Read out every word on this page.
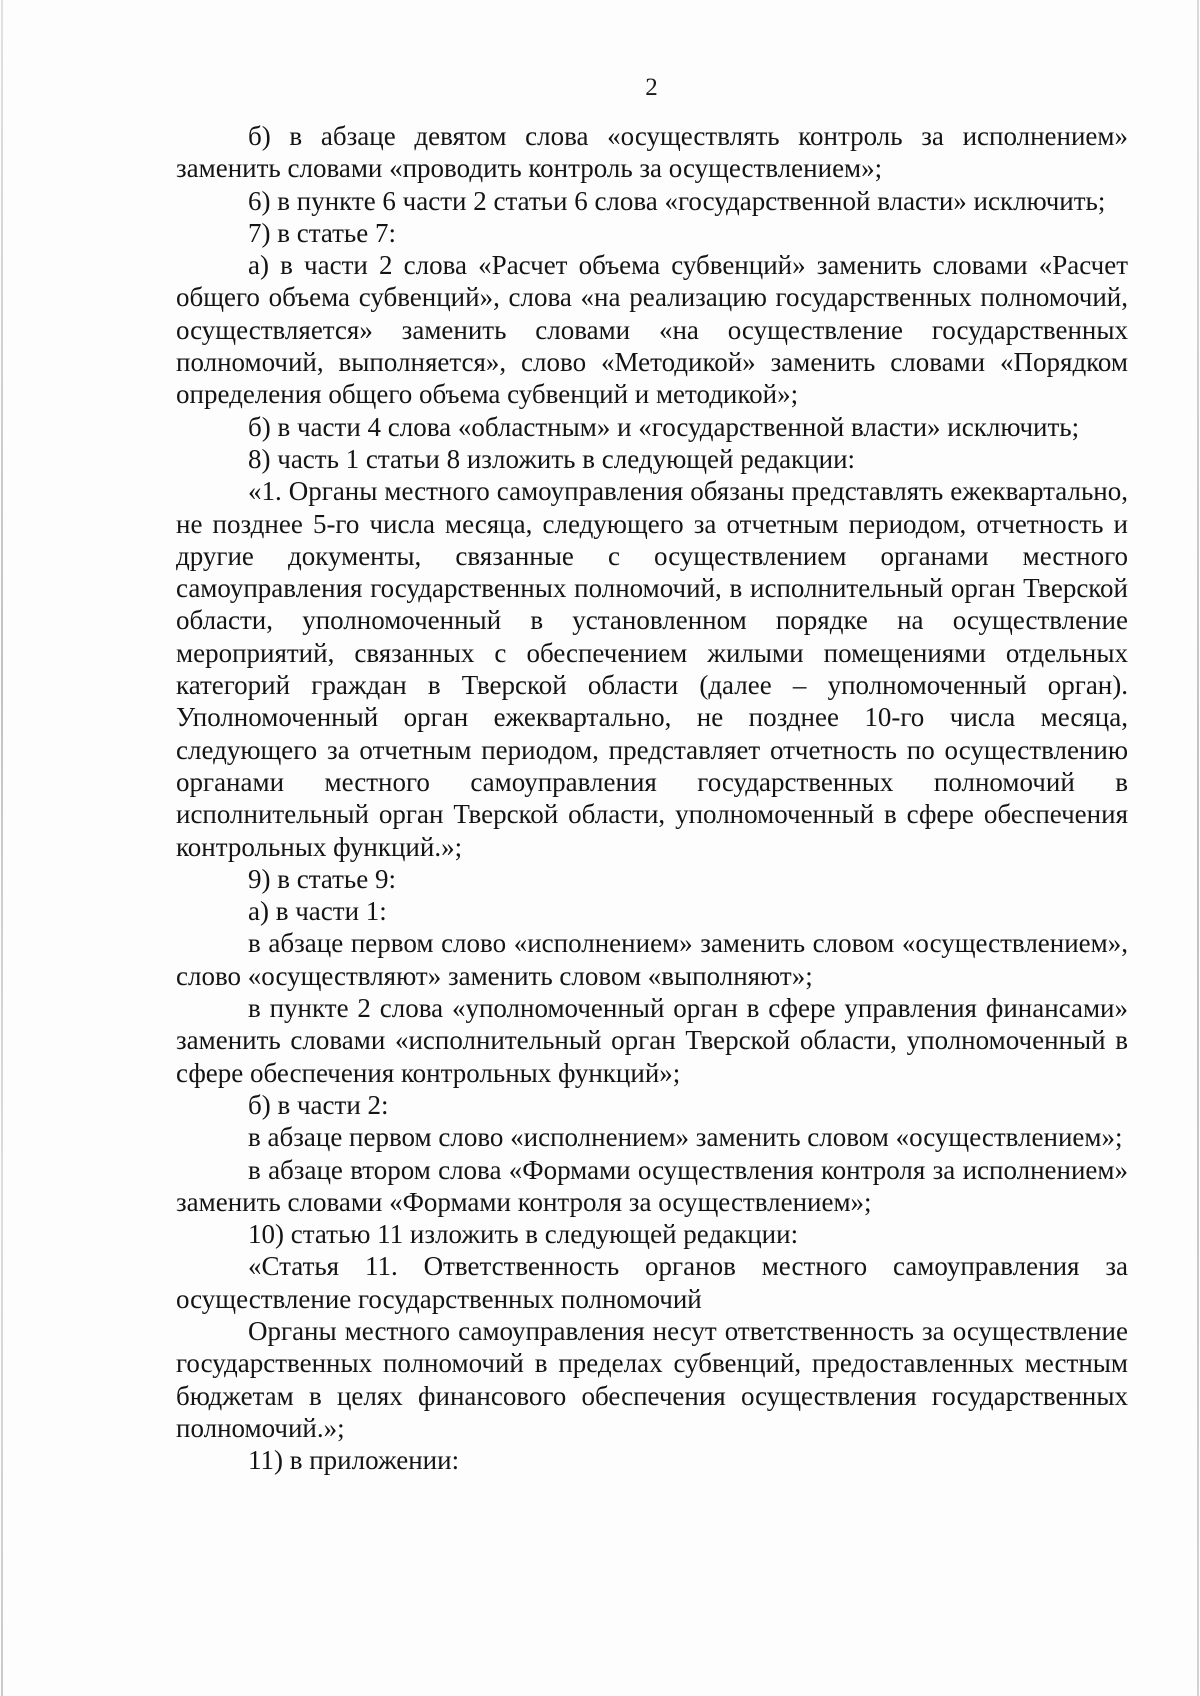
2

б) в абзаце девятом слова «осуществлять контроль за исполнением» заменить словами «проводить контроль за осуществлением»;

6) в пункте 6 части 2 статьи 6 слова «государственной власти» исключить;

7) в статье 7:

а) в части 2 слова «Расчет объема субвенций» заменить словами «Расчет общего объема субвенций», слова «на реализацию государственных полномочий, осуществляется» заменить словами «на осуществление государственных полномочий, выполняется», слово «Методикой» заменить словами «Порядком определения общего объема субвенций и методикой»;

б) в части 4 слова «областным» и «государственной власти» исключить;

8) часть 1 статьи 8 изложить в следующей редакции:

«1. Органы местного самоуправления обязаны представлять ежеквартально, не позднее 5-го числа месяца, следующего за отчетным периодом, отчетность и другие документы, связанные с осуществлением органами местного самоуправления государственных полномочий, в исполнительный орган Тверской области, уполномоченный в установленном порядке на осуществление мероприятий, связанных с обеспечением жилыми помещениями отдельных категорий граждан в Тверской области (далее – уполномоченный орган). Уполномоченный орган ежеквартально, не позднее 10-го числа месяца, следующего за отчетным периодом, представляет отчетность по осуществлению органами местного самоуправления государственных полномочий в исполнительный орган Тверской области, уполномоченный в сфере обеспечения контрольных функций.»;

9) в статье 9:

а) в части 1:

в абзаце первом слово «исполнением» заменить словом «осуществлением», слово «осуществляют» заменить словом «выполняют»;

в пункте 2 слова «уполномоченный орган в сфере управления финансами» заменить словами «исполнительный орган Тверской области, уполномоченный в сфере обеспечения контрольных функций»;

б) в части 2:

в абзаце первом слово «исполнением» заменить словом «осуществлением»;

в абзаце втором слова «Формами осуществления контроля за исполнением» заменить словами «Формами контроля за осуществлением»;

10) статью 11 изложить в следующей редакции:

«Статья 11. Ответственность органов местного самоуправления за осуществление государственных полномочий

Органы местного самоуправления несут ответственность за осуществление государственных полномочий в пределах субвенций, предоставленных местным бюджетам в целях финансового обеспечения осуществления государственных полномочий.»;

11) в приложении:
